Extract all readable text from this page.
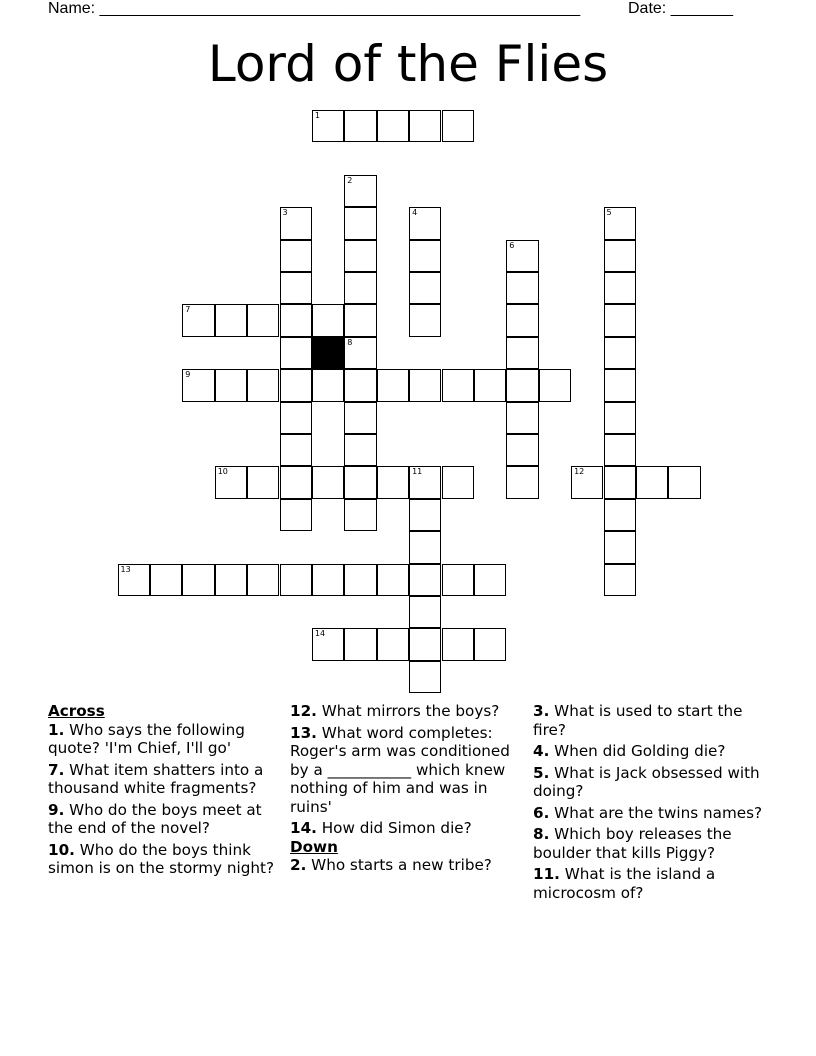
Name: ______________________________________________________	Date: _______
Lord of the Flies
1
2
8
3	4	5
6
7
9
10	11	12
13
14
Across
1. Who says the following quote? 'I'm Chief, I'll go'
7. What item shatters into a thousand white fragments?
9. Who do the boys meet at the end of the novel?
10. Who do the boys think simon is on the stormy night?
12. What mirrors the boys?
13. What word completes: Roger's arm was conditioned by a ___________ which knew nothing of him and was in ruins'
14. How did Simon die?
Down
2. Who starts a new tribe?
3. What is used to start the fire?
4. When did Golding die?
5. What is Jack obsessed with doing?
6. What are the twins names?
8. Which boy releases the boulder that kills Piggy?
11. What is the island a microcosm of?
